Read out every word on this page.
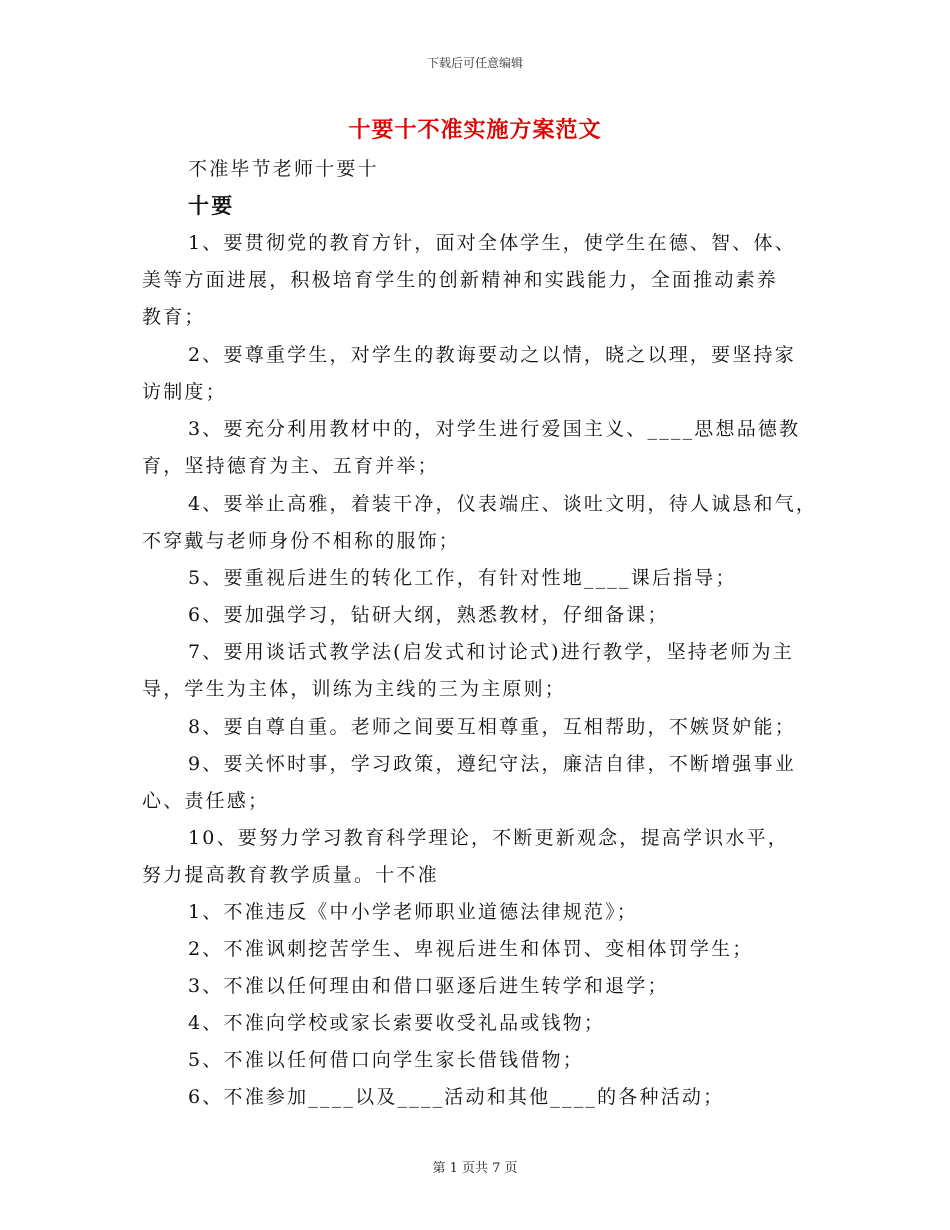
下载后可任意编辑
十要十不准实施方案范文
不准毕节老师十要十
十要
1、要贯彻党的教育方针，面对全体学生，使学生在德、智、体、
美等方面进展，积极培育学生的创新精神和实践能力，全面推动素养
教育；
2、要尊重学生，对学生的教诲要动之以情，晓之以理，要坚持家
访制度；
3、要充分利用教材中的，对学生进行爱国主义、____思想品德教
育，坚持德育为主、五育并举；
4、要举止高雅，着装干净，仪表端庄、谈吐文明，待人诚恳和气，
不穿戴与老师身份不相称的服饰；
5、要重视后进生的转化工作，有针对性地____课后指导；
6、要加强学习，钻研大纲，熟悉教材，仔细备课；
7、要用谈话式教学法(启发式和讨论式)进行教学，坚持老师为主
导，学生为主体，训练为主线的三为主原则；
8、要自尊自重。老师之间要互相尊重，互相帮助，不嫉贤妒能；
9、要关怀时事，学习政策，遵纪守法，廉洁自律，不断增强事业
心、责任感；
10、要努力学习教育科学理论，不断更新观念，提高学识水平，
努力提高教育教学质量。十不准
1、不准违反《中小学老师职业道德法律规范》；
2、不准讽刺挖苦学生、卑视后进生和体罚、变相体罚学生；
3、不准以任何理由和借口驱逐后进生转学和退学；
4、不准向学校或家长索要收受礼品或钱物；
5、不准以任何借口向学生家长借钱借物；
6、不准参加____以及____活动和其他____的各种活动；
第 1 页共 7 页
